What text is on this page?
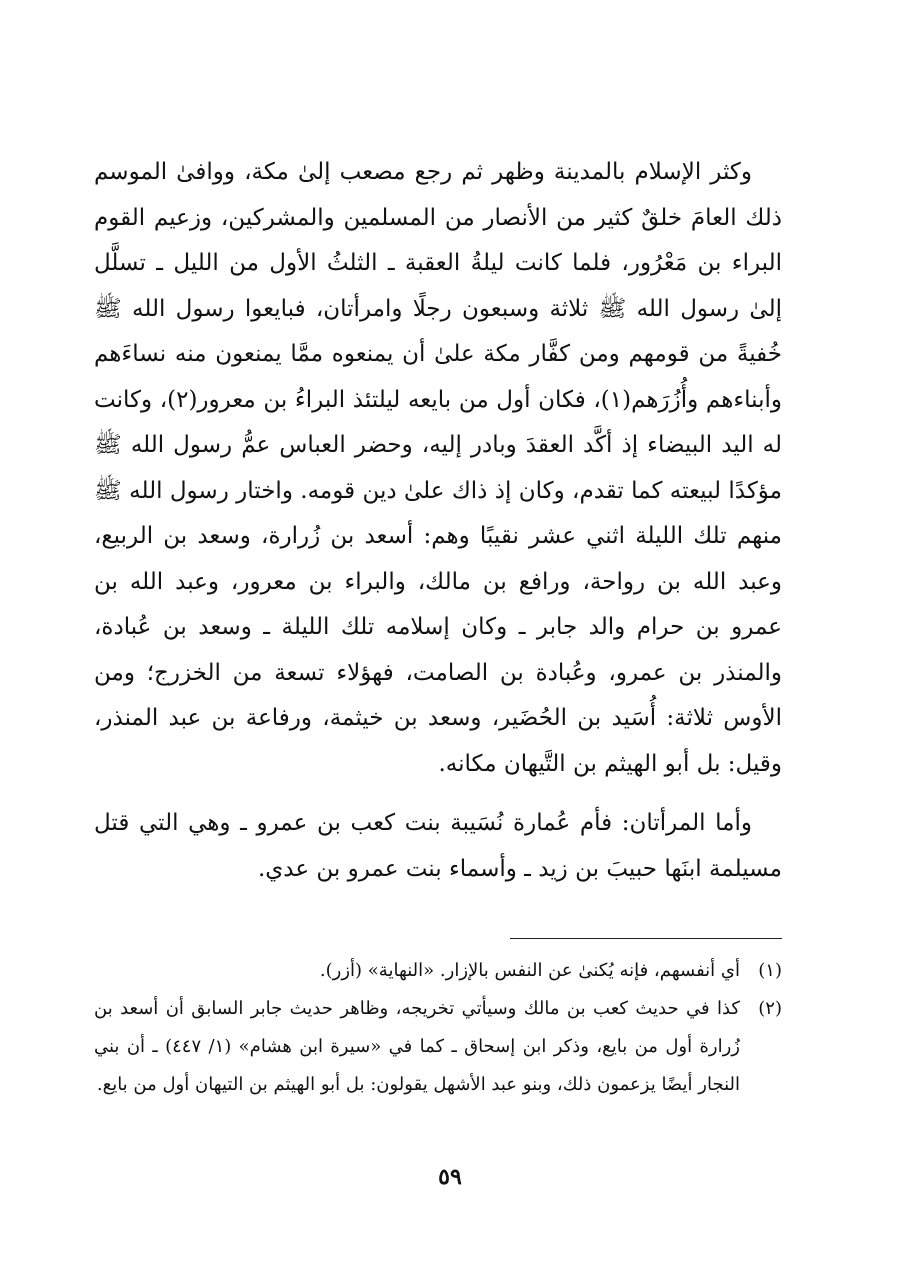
وكثر الإسلام بالمدينة وظهر ثم رجع مصعب إلىٰ مكة، ووافىٰ الموسم ذلك العامَ خلقٌ كثير من الأنصار من المسلمين والمشركين، وزعيم القوم البراء بن مَعْرُور، فلما كانت ليلةُ العقبة ـ الثلثُ الأول من الليل ـ تسلَّل إلىٰ رسول الله ﷺ ثلاثة وسبعون رجلًا وامرأتان، فبايعوا رسول الله ﷺ خُفيةً من قومهم ومن كفَّار مكة علىٰ أن يمنعوه ممَّا يمنعون منه نساءَهم وأبناءهم وأُزُرَهم(١)، فكان أول من بايعه ليلتئذ البراءُ بن معرور(٢)، وكانت له اليد البيضاء إذ أكَّد العقدَ وبادر إليه، وحضر العباس عمُّ رسول الله ﷺ مؤكدًا لبيعته كما تقدم، وكان إذ ذاك علىٰ دين قومه. واختار رسول الله ﷺ منهم تلك الليلة اثني عشر نقيبًا وهم: أسعد بن زُرارة، وسعد بن الربيع، وعبد الله بن رواحة، ورافع بن مالك، والبراء بن معرور، وعبد الله بن عمرو بن حرام والد جابر ـ وكان إسلامه تلك الليلة ـ وسعد بن عُبادة، والمنذر بن عمرو، وعُبادة بن الصامت، فهؤلاء تسعة من الخزرج؛ ومن الأوس ثلاثة: أُسَيد بن الحُضَير، وسعد بن خيثمة، ورفاعة بن عبد المنذر، وقيل: بل أبو الهيثم بن التَّيهان مكانه.

وأما المرأتان: فأم عُمارة نُسَيبة بنت كعب بن عمرو ـ وهي التي قتل مسيلمة ابنَها حبيبَ بن زيد ـ وأسماء بنت عمرو بن عدي.

(١)
أي أنفسهم، فإنه يُكنىٰ عن النفس بالإزار. «النهاية» (أزر).
(٢)
كذا في حديث كعب بن مالك وسيأتي تخريجه، وظاهر حديث جابر السابق أن أسعد بن زُرارة أول من بايع، وذكر ابن إسحاق ـ كما في «سيرة ابن هشام» (١/ ٤٤٧) ـ أن بني النجار أيضًا يزعمون ذلك، وبنو عبد الأشهل يقولون: بل أبو الهيثم بن التيهان أول من بايع.
٥٩
